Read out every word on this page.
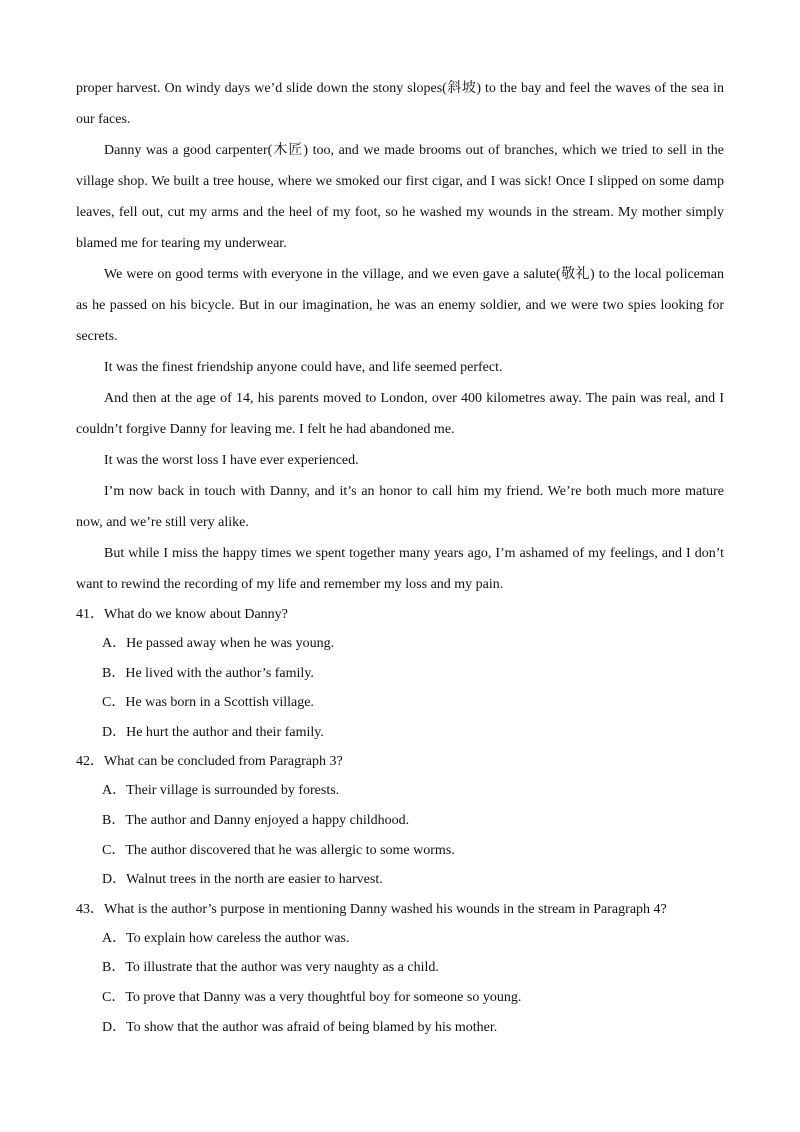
proper harvest. On windy days we’d slide down the stony slopes(斜坡) to the bay and feel the waves of the sea in our faces.

Danny was a good carpenter(木匠) too, and we made brooms out of branches, which we tried to sell in the village shop. We built a tree house, where we smoked our first cigar, and I was sick! Once I slipped on some damp leaves, fell out, cut my arms and the heel of my foot, so he washed my wounds in the stream. My mother simply blamed me for tearing my underwear.

We were on good terms with everyone in the village, and we even gave a salute(敬礼) to the local policeman as he passed on his bicycle. But in our imagination, he was an enemy soldier, and we were two spies looking for secrets.

It was the finest friendship anyone could have, and life seemed perfect.

And then at the age of 14, his parents moved to London, over 400 kilometres away. The pain was real, and I couldn’t forgive Danny for leaving me. I felt he had abandoned me.

It was the worst loss I have ever experienced.

I’m now back in touch with Danny, and it’s an honor to call him my friend. We’re both much more mature now, and we’re still very alike.

But while I miss the happy times we spent together many years ago, I’m ashamed of my feelings, and I don’t want to rewind the recording of my life and remember my loss and my pain.

41．What do we know about Danny?

A．He passed away when he was young.

B．He lived with the author’s family.

C．He was born in a Scottish village.

D．He hurt the author and their family.

42．What can be concluded from Paragraph 3?

A．Their village is surrounded by forests.

B．The author and Danny enjoyed a happy childhood.

C．The author discovered that he was allergic to some worms.

D．Walnut trees in the north are easier to harvest.

43．What is the author’s purpose in mentioning Danny washed his wounds in the stream in Paragraph 4?

A．To explain how careless the author was.

B．To illustrate that the author was very naughty as a child.

C．To prove that Danny was a very thoughtful boy for someone so young.

D．To show that the author was afraid of being blamed by his mother.
